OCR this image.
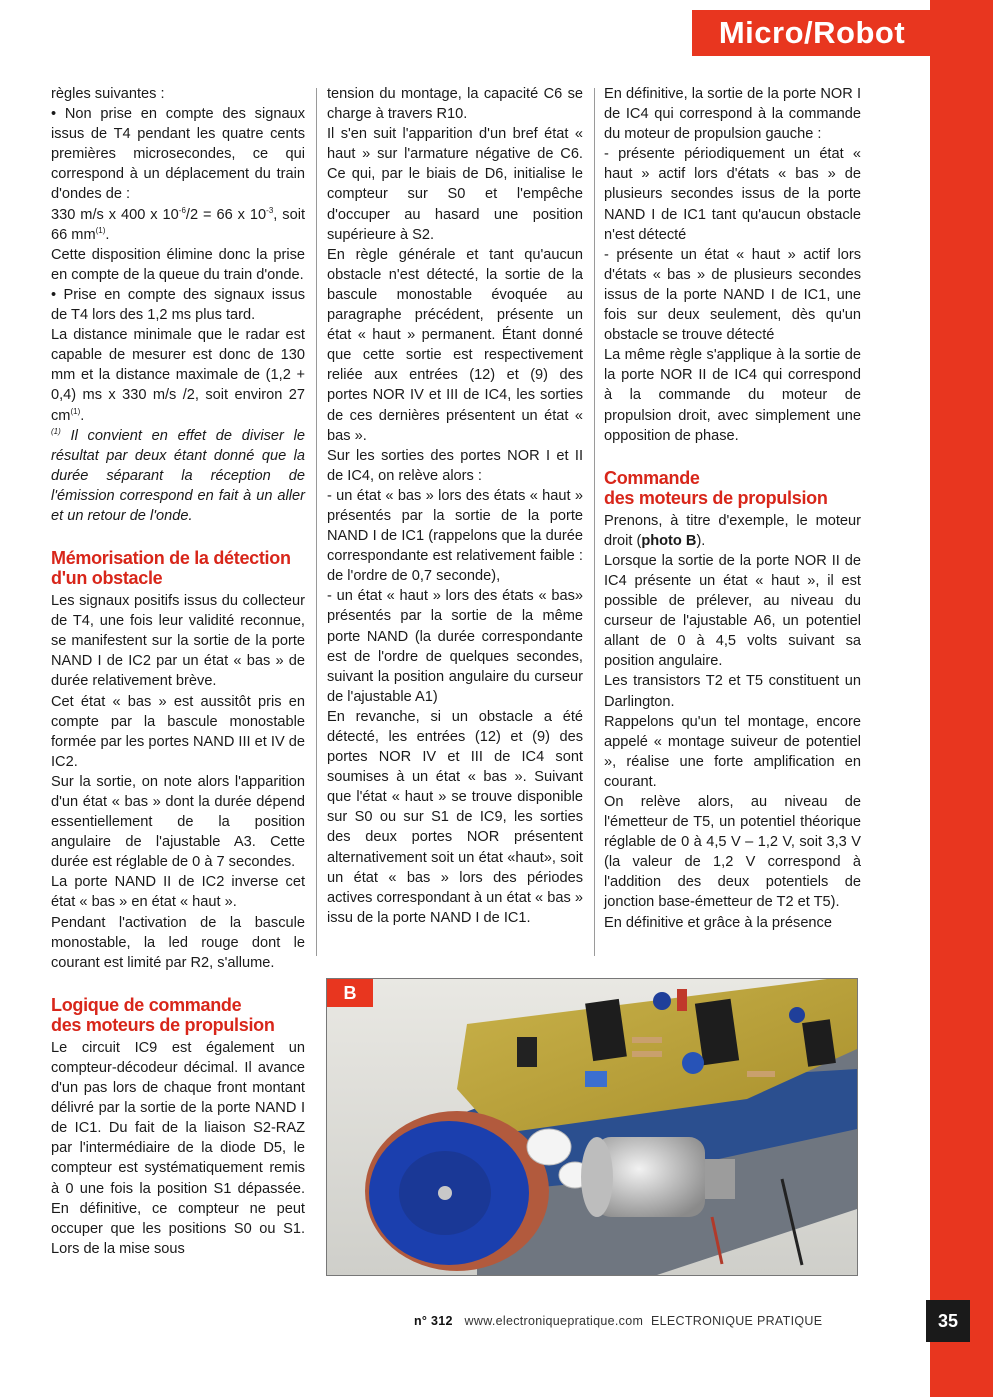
Micro/Robot

règles suivantes :

• Non prise en compte des signaux issus de T4 pendant les quatre cents premières microsecondes, ce qui correspond à un déplacement du train d'ondes de :

330 m/s x 400 x $10^{-6}/2 = 66$ x $10^{-3}$, soit 66 $mm^{(1)}$.

Cette disposition élimine donc la prise en compte de la queue du train d'onde.

• Prise en compte des signaux issus de T4 lors des 1,2 ms plus tard.

La distance minimale que le radar est capable de mesurer est donc de 130 mm et la distance maximale de (1,2 + 0,4) ms x 330 m/s /2, soit environ 27 $cm^{(1)}$.

$^{(1)}$ Il convient en effet de diviser le résultat par deux étant donné que la durée séparant la réception de l'émission correspond en fait à un aller et un retour de l'onde.

Mémorisation de la détection
d'un obstacle

Les signaux positifs issus du collecteur de T4, une fois leur validité reconnue, se manifestent sur la sortie de la porte NAND I de IC2 par un état « bas » de durée relativement brève.

Cet état « bas » est aussitôt pris en compte par la bascule monostable formée par les portes NAND III et IV de IC2.

Sur la sortie, on note alors l'apparition d'un état « bas » dont la durée dépend essentiellement de la position angulaire de l'ajustable A3. Cette durée est réglable de 0 à 7 secondes.

La porte NAND II de IC2 inverse cet état « bas » en état « haut ».

Pendant l'activation de la bascule monostable, la led rouge dont le courant est limité par R2, s'allume.

Logique de commande
des moteurs de propulsion

Le circuit IC9 est également un compteur-décodeur décimal. Il avance d'un pas lors de chaque front montant délivré par la sortie de la porte NAND I de IC1. Du fait de la liaison S2-RAZ par l'intermédiaire de la diode D5, le compteur est systématiquement remis à 0 une fois la position S1 dépassée. En définitive, ce compteur ne peut occuper que les positions S0 ou S1. Lors de la mise sous

tension du montage, la capacité C6 se charge à travers R10.

Il s'en suit l'apparition d'un bref état « haut » sur l'armature négative de C6. Ce qui, par le biais de D6, initialise le compteur sur S0 et l'empêche d'occuper au hasard une position supérieure à S2.

En règle générale et tant qu'aucun obstacle n'est détecté, la sortie de la bascule monostable évoquée au paragraphe précédent, présente un état « haut » permanent. Étant donné que cette sortie est respectivement reliée aux entrées (12) et (9) des portes NOR IV et III de IC4, les sorties de ces dernières présentent un état « bas ».

Sur les sorties des portes NOR I et II de IC4, on relève alors :

- un état « bas » lors des états « haut » présentés par la sortie de la porte NAND I de IC1 (rappelons que la durée correspondante est relativement faible : de l'ordre de 0,7 seconde),

- un état « haut » lors des états « bas» présentés par la sortie de la même porte NAND (la durée correspondante est de l'ordre de quelques secondes, suivant la position angulaire du curseur de l'ajustable A1)

En revanche, si un obstacle a été détecté, les entrées (12) et (9) des portes NOR IV et III de IC4 sont soumises à un état « bas ». Suivant que l'état « haut » se trouve disponible sur S0 ou sur S1 de IC9, les sorties des deux portes NOR présentent alternativement soit un état «haut», soit un état « bas » lors des périodes actives correspondant à un état « bas » issu de la porte NAND I de IC1.

En définitive, la sortie de la porte NOR I de IC4 qui correspond à la commande du moteur de propulsion gauche :

- présente périodiquement un état « haut » actif lors d'états « bas » de plusieurs secondes issus de la porte NAND I de IC1 tant qu'aucun obstacle n'est détecté

- présente un état « haut » actif lors d'états « bas » de plusieurs secondes issus de la porte NAND I de IC1, une fois sur deux seulement, dès qu'un obstacle se trouve détecté

La même règle s'applique à la sortie de la porte NOR II de IC4 qui correspond à la commande du moteur de propulsion droit, avec simplement une opposition de phase.

Commande
des moteurs de propulsion

Prenons, à titre d'exemple, le moteur droit (photo B).

Lorsque la sortie de la porte NOR II de IC4 présente un état « haut », il est possible de prélever, au niveau du curseur de l'ajustable A6, un potentiel allant de 0 à 4,5 volts suivant sa position angulaire.

Les transistors T2 et T5 constituent un Darlington.

Rappelons qu'un tel montage, encore appelé « montage suiveur de potentiel », réalise une forte amplification en courant.

On relève alors, au niveau de l'émetteur de T5, un potentiel théorique réglable de 0 à 4,5 V – 1,2 V, soit 3,3 V (la valeur de 1,2 V correspond à l'addition des deux potentiels de jonction base-émetteur de T2 et T5).

En définitive et grâce à la présence

B
n° 312 www.electroniquepratique.com ELECTRONIQUE PRATIQUE	35
